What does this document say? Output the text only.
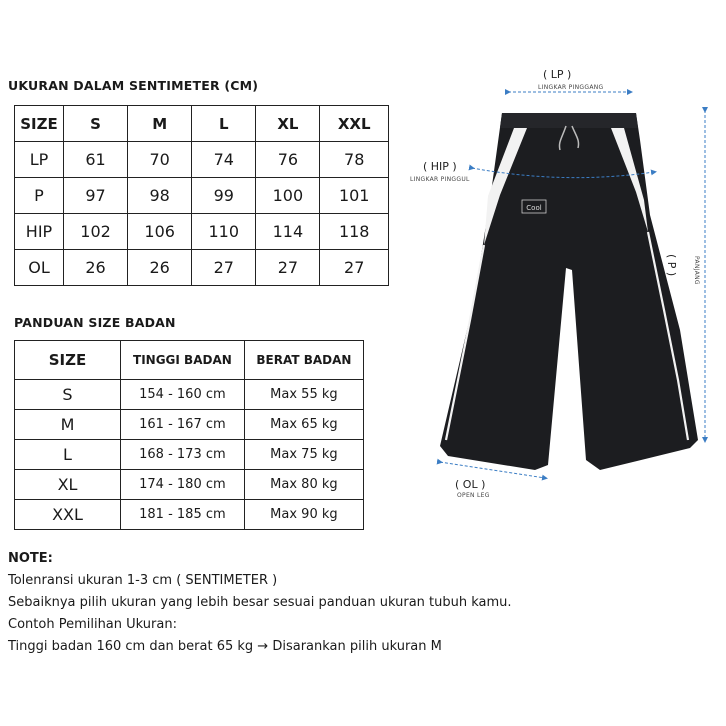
UKURAN DALAM SENTIMETER (CM)
SIZE	S	M	L	XL	XXL
LP	61	70	74	76	78
P	97	98	99	100	101
HIP	102	106	110	114	118
OL	26	26	27	27	27
PANDUAN SIZE BADAN
SIZE	TINGGI BADAN	BERAT BADAN
S	154 - 160 cm	Max 55 kg
M	161 - 167 cm	Max 65 kg
L	168 - 173 cm	Max 75 kg
XL	174 - 180 cm	Max 80 kg
XXL	181 - 185 cm	Max 90 kg
NOTE:
Tolenransi ukuran 1-3 cm ( SENTIMETER )
Sebaiknya pilih ukuran yang lebih besar sesuai panduan ukuran tubuh kamu.
Contoh Pemilihan Ukuran:
Tinggi badan 160 cm dan berat 65 kg → Disarankan pilih ukuran M
Cool
( LP )
LINGKAR PINGGANG
( HIP )
LINGKAR PINGGUL
( P )	PANJANG
( OL )
OPEN LEG
